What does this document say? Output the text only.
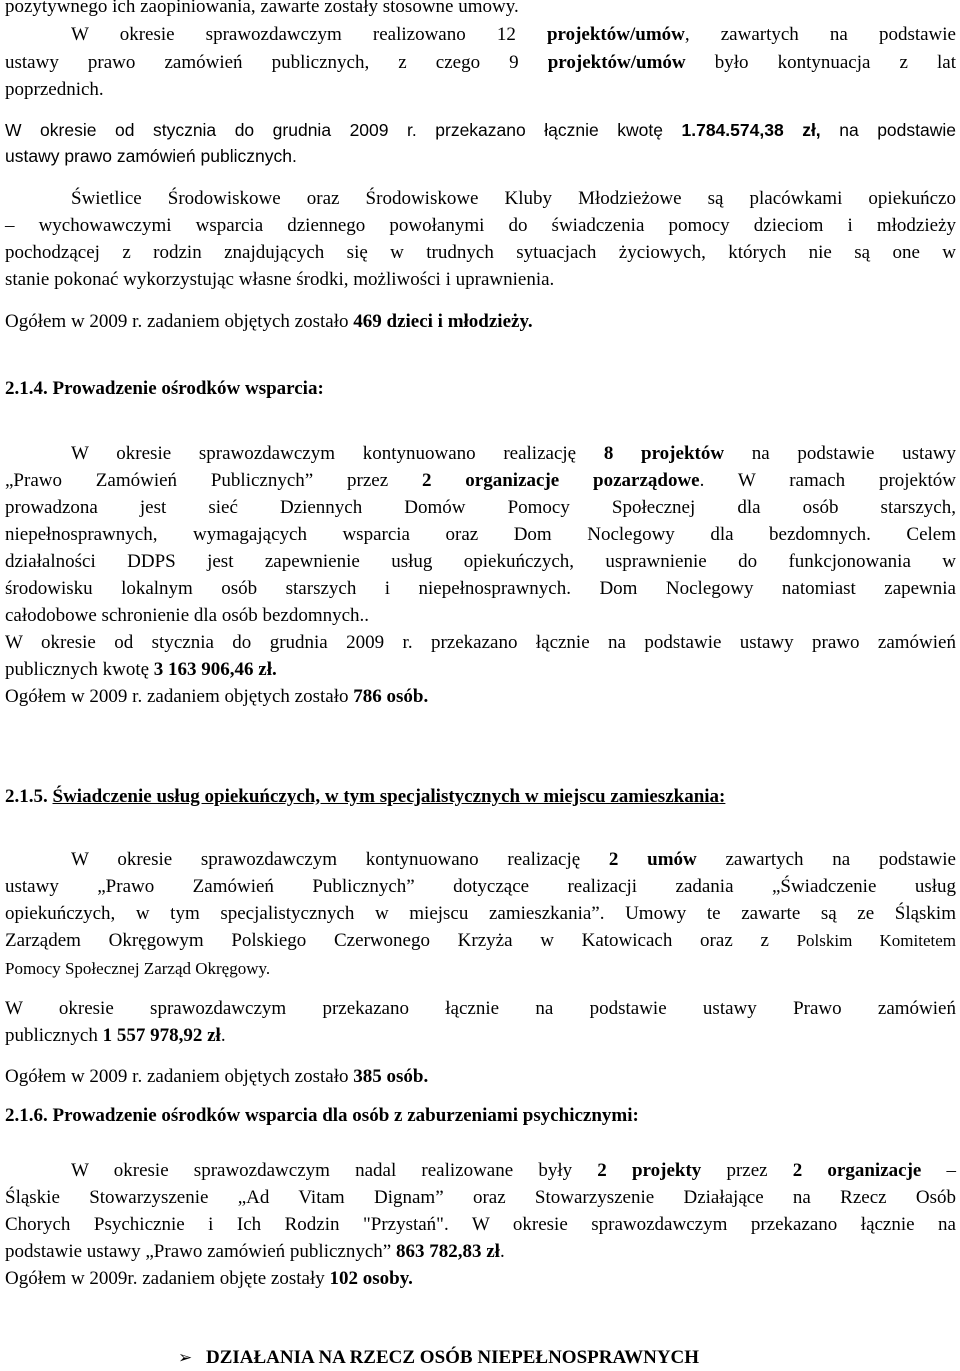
pozytywnego ich zaopiniowania, zawarte zostały stosowne umowy.
W okresie sprawozdawczym realizowano 12 projektów/umów, zawartych na podstawie
ustawy prawo zamówień publicznych, z czego 9 projektów/umów było kontynuacja z lat
poprzednich.
W okresie od stycznia do grudnia 2009 r. przekazano łącznie kwotę 1.784.574,38 zł, na podstawie
ustawy prawo zamówień publicznych.
Świetlice Środowiskowe oraz Środowiskowe Kluby Młodzieżowe są placówkami opiekuńczo
– wychowawczymi wsparcia dziennego powołanymi do świadczenia pomocy dzieciom i młodzieży
pochodzącej z rodzin znajdujących się w trudnych sytuacjach życiowych, których nie są one w
stanie pokonać wykorzystując własne środki, możliwości i uprawnienia.
Ogółem w 2009 r. zadaniem objętych zostało 469 dzieci i młodzieży.
2.1.4. Prowadzenie ośrodków wsparcia:
W okresie sprawozdawczym kontynuowano realizację 8 projektów na podstawie ustawy
„Prawo Zamówień Publicznych” przez 2 organizacje pozarządowe. W ramach projektów
prowadzona jest sieć Dziennych Domów Pomocy Społecznej dla osób starszych,
niepełnosprawnych, wymagających wsparcia oraz Dom Noclegowy dla bezdomnych. Celem
działalności DDPS jest zapewnienie usług opiekuńczych, usprawnienie do funkcjonowania w
środowisku lokalnym osób starszych i niepełnosprawnych. Dom Noclegowy natomiast zapewnia
całodobowe schronienie dla osób bezdomnych..
W okresie od stycznia do grudnia 2009 r. przekazano łącznie na podstawie ustawy prawo zamówień
publicznych kwotę 3 163 906,46 zł.
Ogółem w 2009 r. zadaniem objętych zostało 786 osób.
2.1.5. Świadczenie usług opiekuńczych, w tym specjalistycznych w miejscu zamieszkania:
W okresie sprawozdawczym kontynuowano realizację 2 umów zawartych na podstawie
ustawy „Prawo Zamówień Publicznych” dotyczące realizacji zadania „Świadczenie usług
opiekuńczych, w tym specjalistycznych w miejscu zamieszkania”. Umowy te zawarte są ze Śląskim
Zarządem Okręgowym Polskiego Czerwonego Krzyża w Katowicach oraz z Polskim Komitetem
Pomocy Społecznej Zarząd Okręgowy.
W okresie sprawozdawczym przekazano łącznie na podstawie ustawy Prawo zamówień
publicznych 1 557 978,92 zł.
Ogółem w 2009 r. zadaniem objętych zostało 385 osób.
2.1.6. Prowadzenie ośrodków wsparcia dla osób z zaburzeniami psychicznymi:
W okresie sprawozdawczym nadal realizowane były 2 projekty przez 2 organizacje –
Śląskie Stowarzyszenie „Ad Vitam Dignam” oraz Stowarzyszenie Działające na Rzecz Osób
Chorych Psychicznie i Ich Rodzin "Przystań". W okresie sprawozdawczym przekazano łącznie na
podstawie ustawy „Prawo zamówień publicznych” 863 782,83 zł.
Ogółem w 2009r. zadaniem objęte zostały 102 osoby.
➢ DZIAŁANIA NA RZECZ OSÓB NIEPEŁNOSPRAWNYCH
